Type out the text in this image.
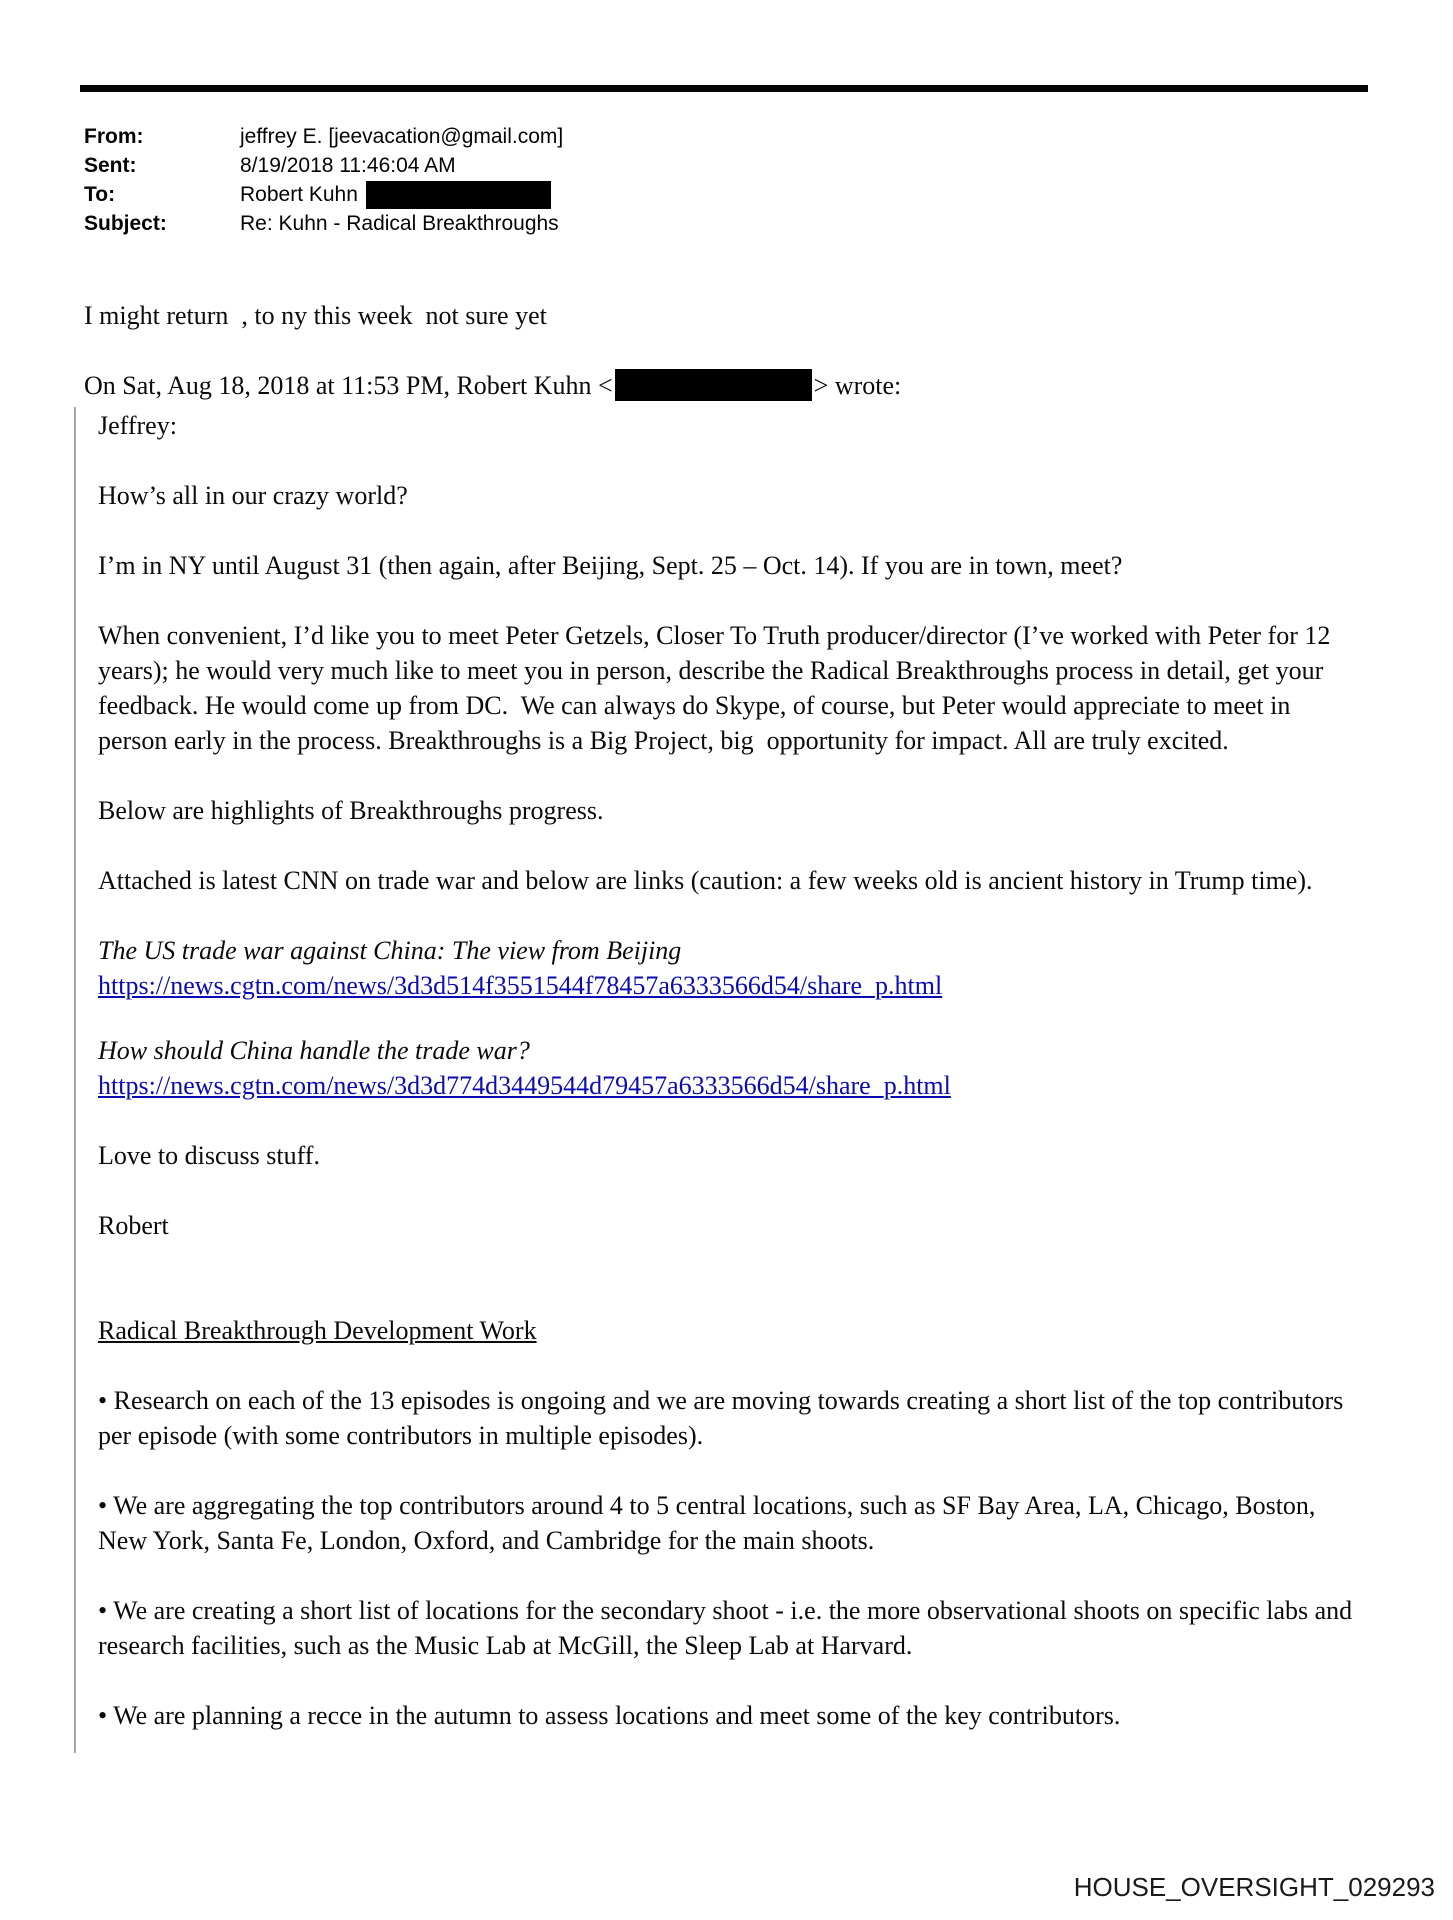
From:	jeffrey E. [jeevacation@gmail.com]
Sent:	8/19/2018 11:46:04 AM
To:	Robert Kuhn
Subject:	Re: Kuhn - Radical Breakthroughs

I might return  , to ny this week  not sure yet

On Sat, Aug 18, 2018 at 11:53 PM, Robert Kuhn <	> wrote:

Jeffrey:

How’s all in our crazy world?

I’m in NY until August 31 (then again, after Beijing, Sept. 25 – Oct. 14). If you are in town, meet?

When convenient, I’d like you to meet Peter Getzels, Closer To Truth producer/director (I’ve worked with Peter for 12 years); he would very much like to meet you in person, describe the Radical Breakthroughs process in detail, get your feedback. He would come up from DC.  We can always do Skype, of course, but Peter would appreciate to meet in person early in the process. Breakthroughs is a Big Project, big  opportunity for impact. All are truly excited.

Below are highlights of Breakthroughs progress.

Attached is latest CNN on trade war and below are links (caution: a few weeks old is ancient history in Trump time).

The US trade war against China: The view from Beijing

https://news.cgtn.com/news/3d3d514f3551544f78457a6333566d54/share_p.html

How should China handle the trade war?

https://news.cgtn.com/news/3d3d774d3449544d79457a6333566d54/share_p.html

Love to discuss stuff.

Robert

Radical Breakthrough Development Work

• Research on each of the 13 episodes is ongoing and we are moving towards creating a short list of the top contributors per episode (with some contributors in multiple episodes).

• We are aggregating the top contributors around 4 to 5 central locations, such as SF Bay Area, LA, Chicago, Boston, New York, Santa Fe, London, Oxford, and Cambridge for the main shoots.

• We are creating a short list of locations for the secondary shoot - i.e. the more observational shoots on specific labs and research facilities, such as the Music Lab at McGill, the Sleep Lab at Harvard.

• We are planning a recce in the autumn to assess locations and meet some of the key contributors.

HOUSE_OVERSIGHT_029293
